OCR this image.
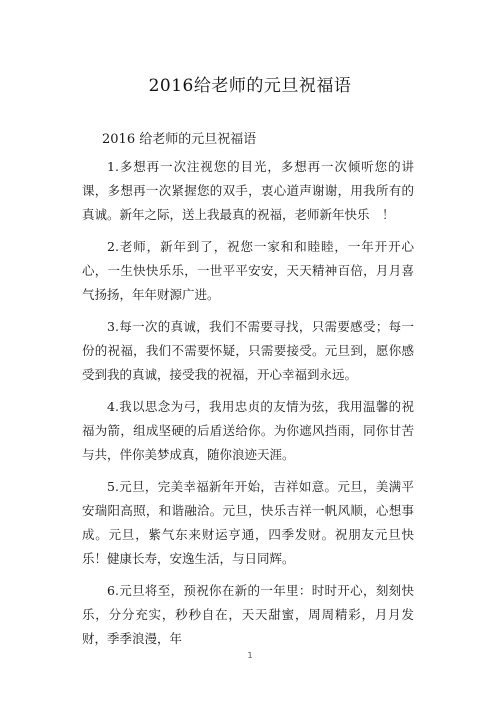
2016给老师的元旦祝福语
2016 给老师的元旦祝福语

1.多想再一次注视您的目光，多想再一次倾听您的讲课，多想再一次紧握您的双手，衷心道声谢谢，用我所有的真诚。新年之际，送上我最真的祝福，老师新年快乐　！

2.老师，新年到了，祝您一家和和睦睦，一年开开心心，一生快快乐乐，一世平平安安，天天精神百倍，月月喜气扬扬，年年财源广进。

3.每一次的真诚，我们不需要寻找，只需要感受；每一份的祝福，我们不需要怀疑，只需要接受。元旦到，愿你感受到我的真诚，接受我的祝福，开心幸福到永远。

4.我以思念为弓，我用忠贞的友情为弦，我用温馨的祝福为箭，组成坚硬的后盾送给你。为你遮风挡雨，同你甘苦与共，伴你美梦成真，随你浪迹天涯。

5.元旦，完美幸福新年开始，吉祥如意。元旦，美满平安瑞阳高照，和谐融洽。元旦，快乐吉祥一帆风顺，心想事成。元旦，紫气东来财运亨通，四季发财。祝朋友元旦快乐！健康长寿，安逸生活，与日同辉。

6.元旦将至，预祝你在新的一年里：时时开心，刻刻快乐，分分充实，秒秒自在，天天甜蜜，周周精彩，月月发财，季季浪漫，年

1
